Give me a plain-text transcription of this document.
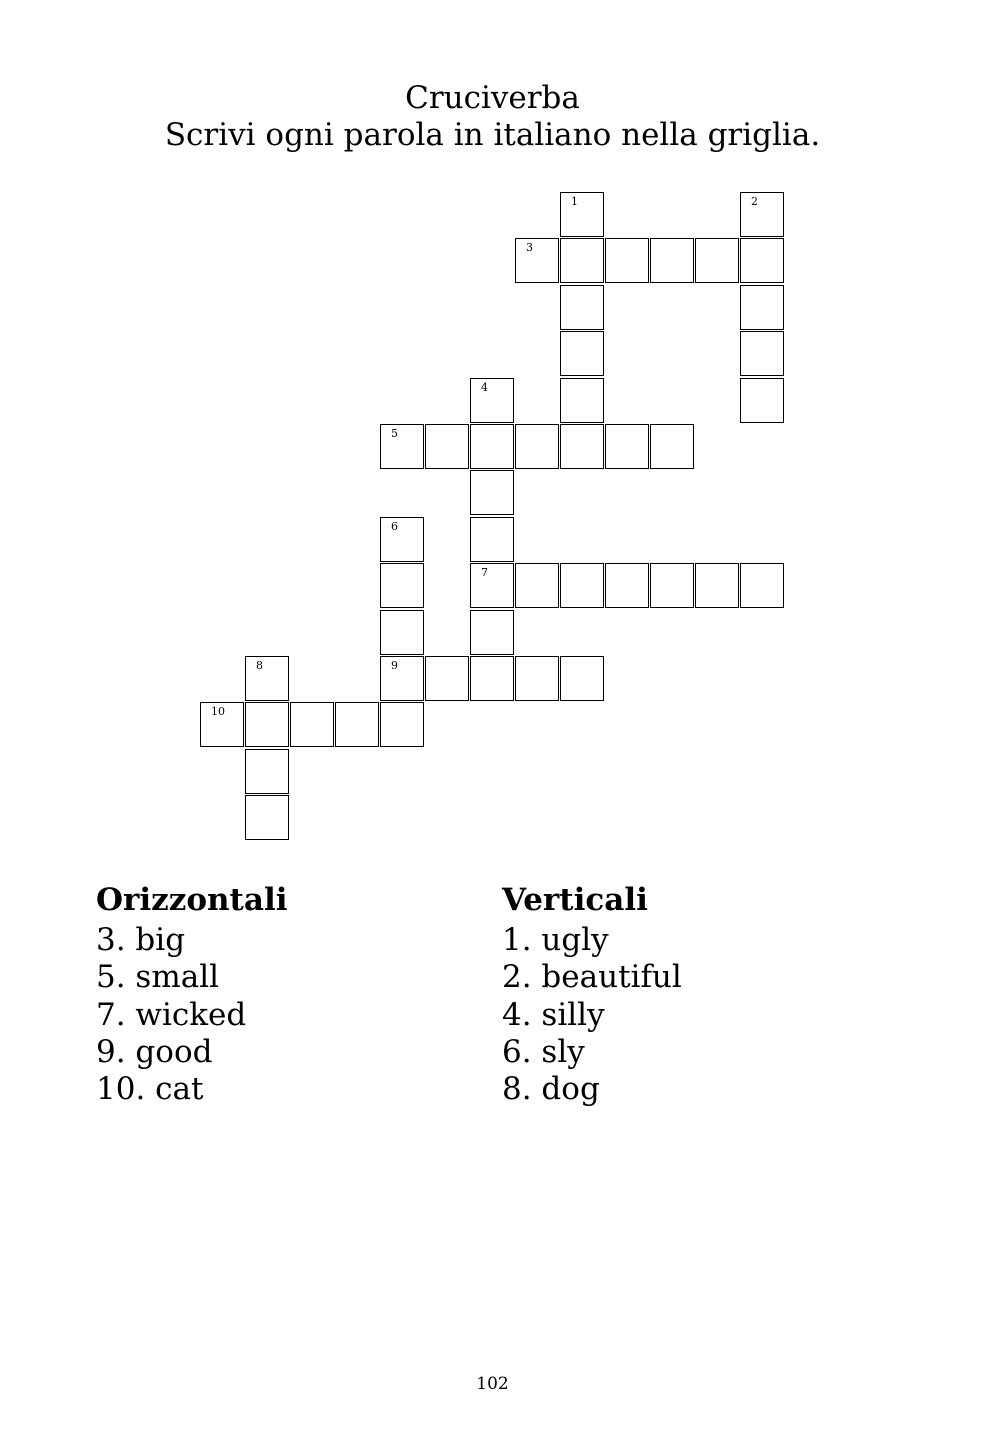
Cruciverba

Scrivi ogni parola in italiano nella griglia.

1	2
3
4
7
5
6
9
8
10
Orizzontali
3. big
5. small
7. wicked
9. good
10. cat
Verticali
1. ugly
2. beautiful
4. silly
6. sly
8. dog
102
